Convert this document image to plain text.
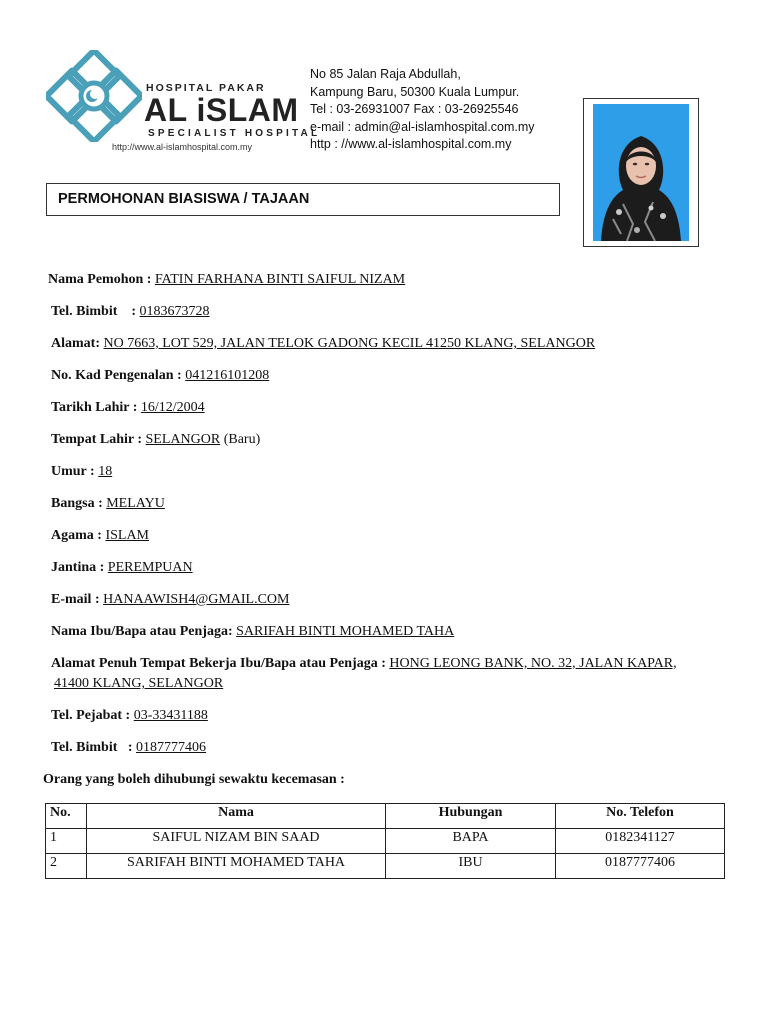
HOSPITAL PAKAR
AL iSLAM
SPECIALIST HOSPITAL
http://www.al-islamhospital.com.my
No 85 Jalan Raja Abdullah,
Kampung Baru, 50300 Kuala Lumpur.
Tel : 03-26931007 Fax : 03-26925546
e-mail : admin@al-islamhospital.com.my
http : //www.al-islamhospital.com.my
PERMOHONAN BIASISWA / TAJAAN
Nama Pemohon : FATIN FARHANA BINTI SAIFUL NIZAM
Tel. Bimbit    : 0183673728
Alamat: NO 7663, LOT 529, JALAN TELOK GADONG KECIL 41250 KLANG, SELANGOR
No. Kad Pengenalan : 041216101208
Tarikh Lahir : 16/12/2004
Tempat Lahir : SELANGOR (Baru)
Umur : 18
Bangsa : MELAYU
Agama : ISLAM
Jantina : PEREMPUAN
E-mail : HANAAWISH4@GMAIL.COM
Nama Ibu/Bapa atau Penjaga: SARIFAH BINTI MOHAMED TAHA
Alamat Penuh Tempat Bekerja Ibu/Bapa atau Penjaga : HONG LEONG BANK, NO. 32, JALAN KAPAR,
41400 KLANG, SELANGOR
Tel. Pejabat : 03-33431188
Tel. Bimbit   : 0187777406
Orang yang boleh dihubungi sewaktu kecemasan :
No.	Nama	Hubungan	No. Telefon
1	SAIFUL NIZAM BIN SAAD	BAPA	0182341127
2	SARIFAH BINTI MOHAMED TAHA	IBU	0187777406
